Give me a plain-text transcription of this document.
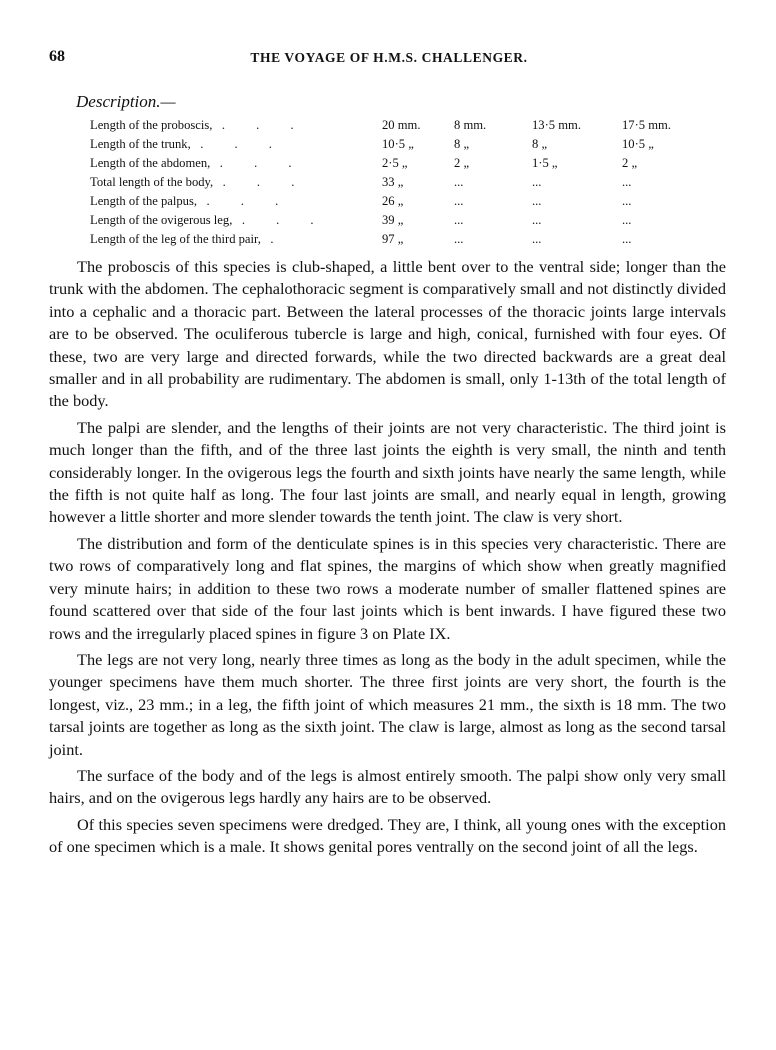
68	THE VOYAGE OF H.M.S. CHALLENGER.
Description.—
Length of the proboscis, . . .	20 mm.	8 mm.	13·5 mm.	17·5 mm.
Length of the trunk, . . .	10·5 „	8 „	8 „	10·5 „
Length of the abdomen, . . .	2·5 „	2 „	1·5 „	2 „
Total length of the body, . . .	33 „	...	...	...
Length of the palpus, . . .	26 „	...	...	...
Length of the ovigerous leg, . . .	39 „	...	...	...
Length of the leg of the third pair, .	97 „	...	...	...

The proboscis of this species is club-shaped, a little bent over to the ventral side; longer than the trunk with the abdomen. The cephalothoracic segment is comparatively small and not distinctly divided into a cephalic and a thoracic part. Between the lateral processes of the thoracic joints large intervals are to be observed. The oculiferous tubercle is large and high, conical, furnished with four eyes. Of these, two are very large and directed forwards, while the two directed backwards are a great deal smaller and in all probability are rudimentary. The abdomen is small, only 1-13th of the total length of the body.

The palpi are slender, and the lengths of their joints are not very characteristic. The third joint is much longer than the fifth, and of the three last joints the eighth is very small, the ninth and tenth considerably longer. In the ovigerous legs the fourth and sixth joints have nearly the same length, while the fifth is not quite half as long. The four last joints are small, and nearly equal in length, growing however a little shorter and more slender towards the tenth joint. The claw is very short.

The distribution and form of the denticulate spines is in this species very characteristic. There are two rows of comparatively long and flat spines, the margins of which show when greatly magnified very minute hairs; in addition to these two rows a moderate number of smaller flattened spines are found scattered over that side of the four last joints which is bent inwards. I have figured these two rows and the irregularly placed spines in figure 3 on Plate IX.

The legs are not very long, nearly three times as long as the body in the adult specimen, while the younger specimens have them much shorter. The three first joints are very short, the fourth is the longest, viz., 23 mm.; in a leg, the fifth joint of which measures 21 mm., the sixth is 18 mm. The two tarsal joints are together as long as the sixth joint. The claw is large, almost as long as the second tarsal joint.

The surface of the body and of the legs is almost entirely smooth. The palpi show only very small hairs, and on the ovigerous legs hardly any hairs are to be observed.

Of this species seven specimens were dredged. They are, I think, all young ones with the exception of one specimen which is a male. It shows genital pores ventrally on the second joint of all the legs.
